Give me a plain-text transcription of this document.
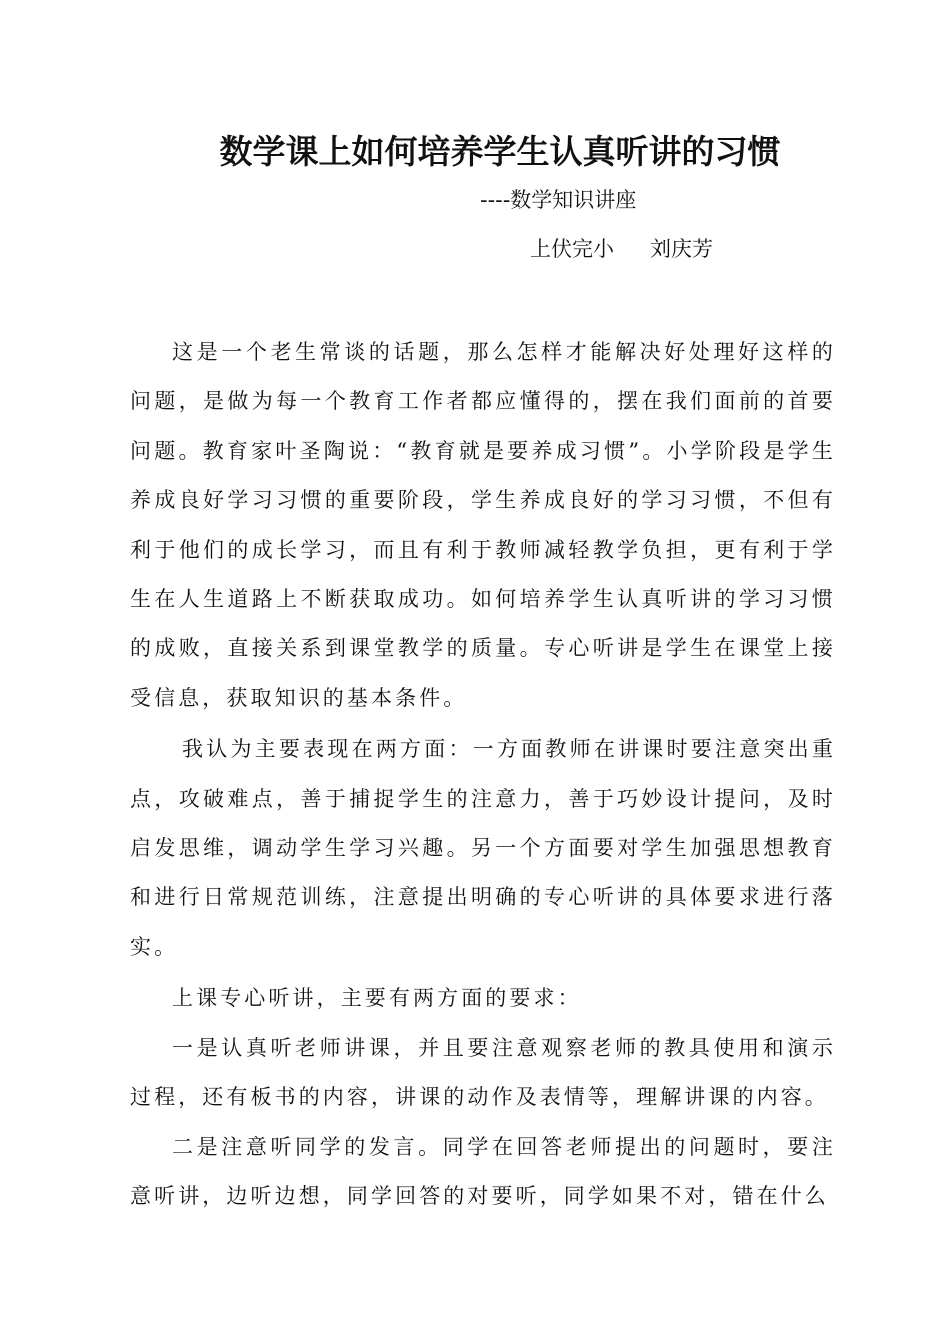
数学课上如何培养学生认真听讲的习惯
----数学知识讲座
上伏完小 刘庆芳

这是一个老生常谈的话题，那么怎样才能解决好处理好这样的问题，是做为每一个教育工作者都应懂得的，摆在我们面前的首要问题。教育家叶圣陶说：“教育就是要养成习惯”。小学阶段是学生养成良好学习习惯的重要阶段，学生养成良好的学习习惯，不但有利于他们的成长学习，而且有利于教师减轻教学负担，更有利于学生在人生道路上不断获取成功。如何培养学生认真听讲的学习习惯的成败，直接关系到课堂教学的质量。专心听讲是学生在课堂上接受信息，获取知识的基本条件。

我认为主要表现在两方面：一方面教师在讲课时要注意突出重点，攻破难点，善于捕捉学生的注意力，善于巧妙设计提问，及时启发思维，调动学生学习兴趣。另一个方面要对学生加强思想教育和进行日常规范训练，注意提出明确的专心听讲的具体要求进行落实。

上课专心听讲，主要有两方面的要求：

一是认真听老师讲课，并且要注意观察老师的教具使用和演示过程，还有板书的内容，讲课的动作及表情等，理解讲课的内容。

二是注意听同学的发言。同学在回答老师提出的问题时，要注意听讲，边听边想，同学回答的对要听，同学如果不对，错在什么
